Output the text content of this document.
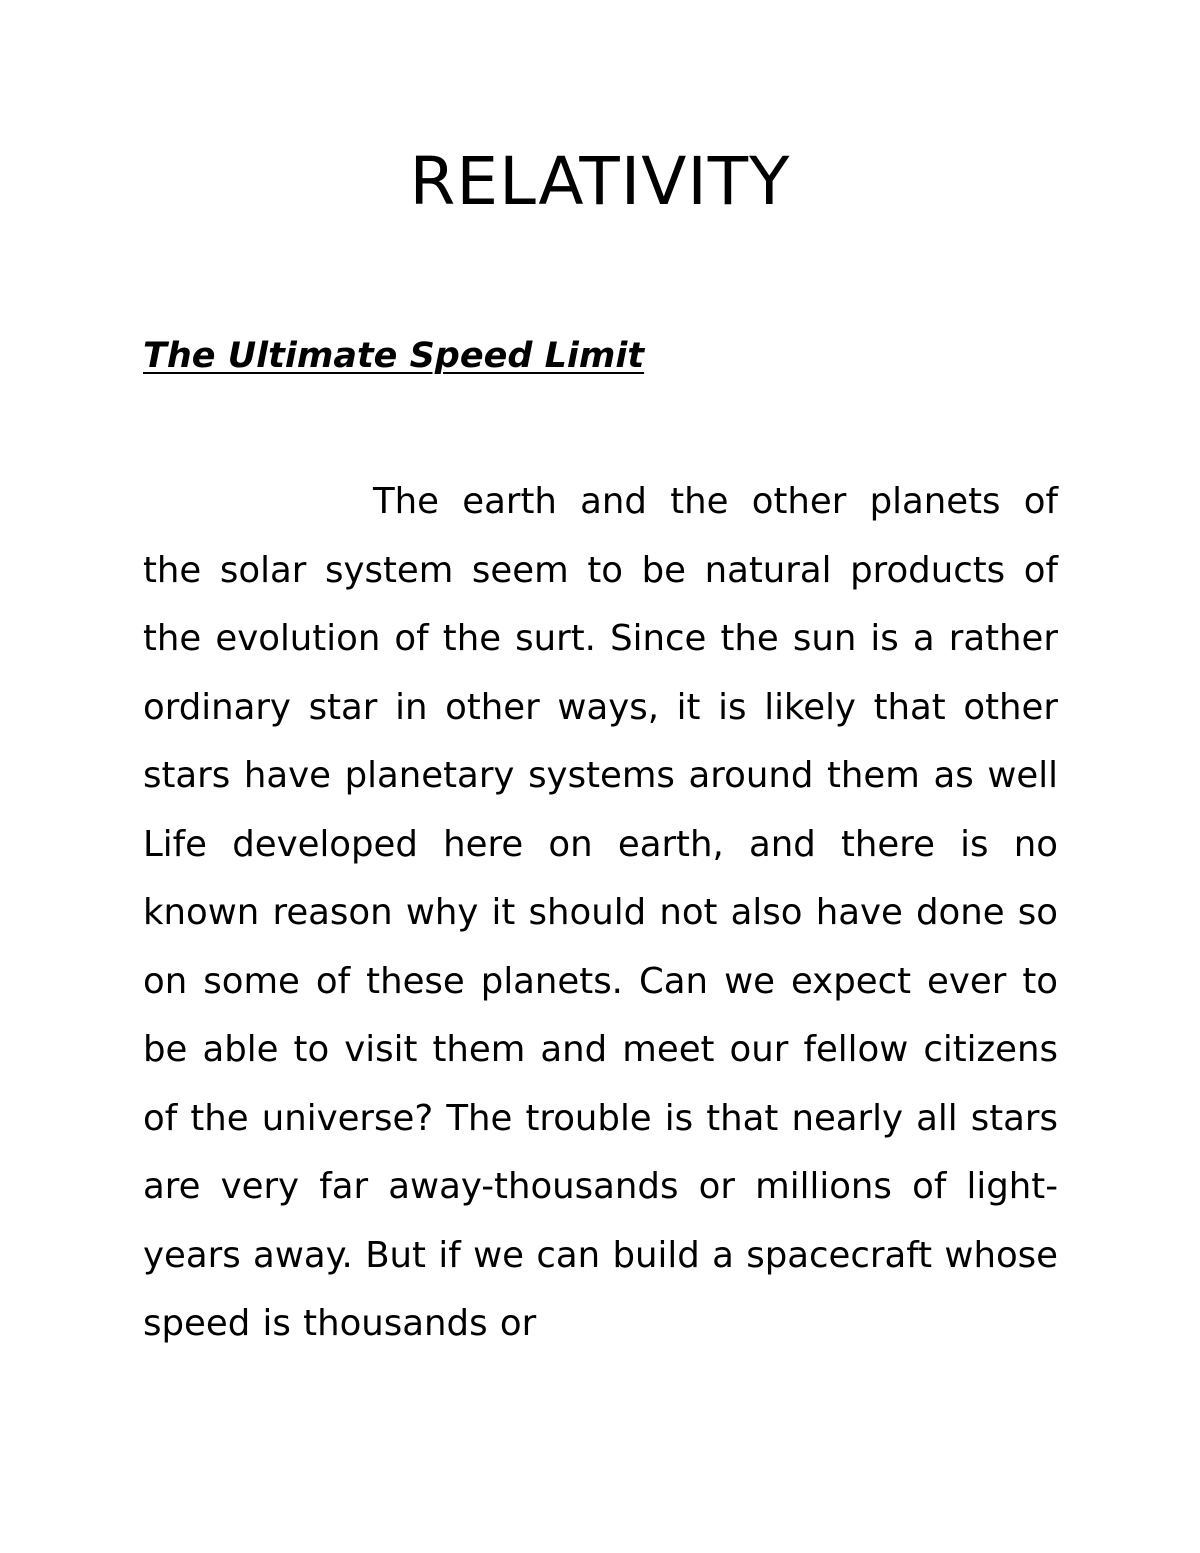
RELATIVITY
The Ultimate Speed Limit

The earth and the other planets of the solar system seem to be natural products of the evolution of the surt. Since the sun is a rather ordinary star in other ways, it is likely that other stars have planetary systems around them as well Life developed here on earth, and there is no known reason why it should not also have done so on some of these planets. Can we expect ever to be able to visit them and meet our fellow citizens of the universe? The trouble is that nearly all stars are very far away-thousands or millions of light-years away. But if we can build a spacecraft whose speed is thousands or
